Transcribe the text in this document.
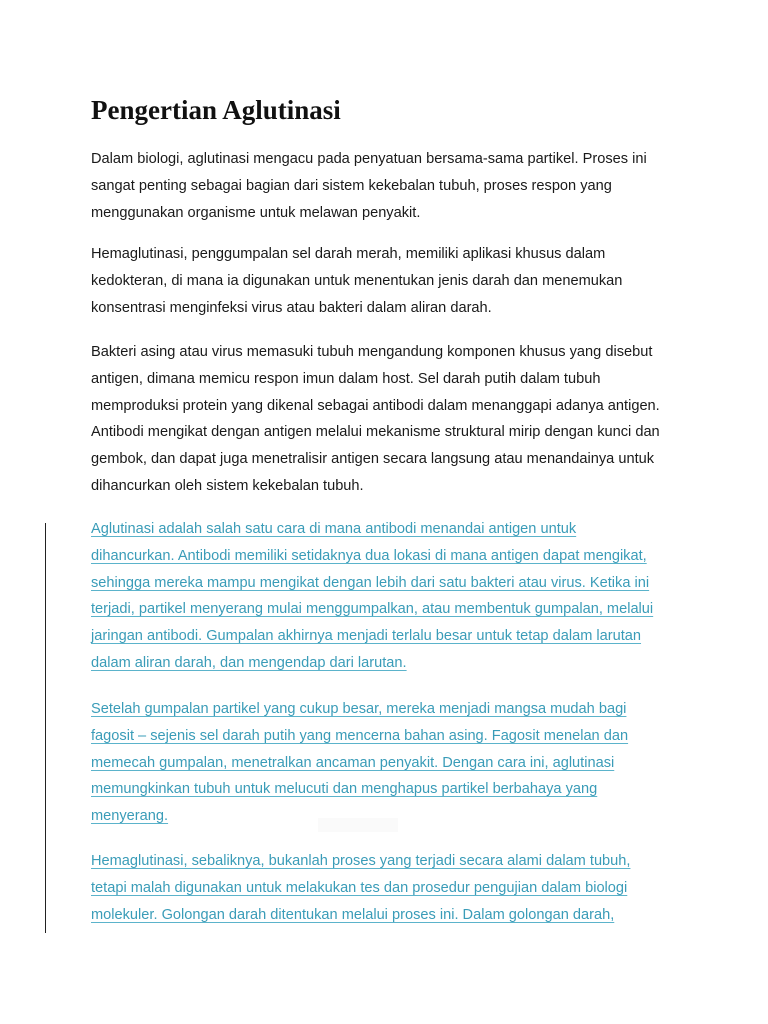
Pengertian Aglutinasi

Dalam biologi, aglutinasi mengacu pada penyatuan bersama-sama partikel. Proses ini
sangat penting sebagai bagian dari sistem kekebalan tubuh, proses respon yang
menggunakan organisme untuk melawan penyakit.

Hemaglutinasi, penggumpalan sel darah merah, memiliki aplikasi khusus dalam
kedokteran, di mana ia digunakan untuk menentukan jenis darah dan menemukan
konsentrasi menginfeksi virus atau bakteri dalam aliran darah.

Bakteri asing atau virus memasuki tubuh mengandung komponen khusus yang disebut
antigen, dimana memicu respon imun dalam host. Sel darah putih dalam tubuh
memproduksi protein yang dikenal sebagai antibodi dalam menanggapi adanya antigen.
Antibodi mengikat dengan antigen melalui mekanisme struktural mirip dengan kunci dan
gembok, dan dapat juga menetralisir antigen secara langsung atau menandainya untuk
dihancurkan oleh sistem kekebalan tubuh.

Aglutinasi adalah salah satu cara di mana antibodi menandai antigen untuk
dihancurkan. Antibodi memiliki setidaknya dua lokasi di mana antigen dapat mengikat,
sehingga mereka mampu mengikat dengan lebih dari satu bakteri atau virus. Ketika ini
terjadi, partikel menyerang mulai menggumpalkan, atau membentuk gumpalan, melalui
jaringan antibodi. Gumpalan akhirnya menjadi terlalu besar untuk tetap dalam larutan
dalam aliran darah, dan mengendap dari larutan.

Setelah gumpalan partikel yang cukup besar, mereka menjadi mangsa mudah bagi
fagosit – sejenis sel darah putih yang mencerna bahan asing. Fagosit menelan dan
memecah gumpalan, menetralkan ancaman penyakit. Dengan cara ini, aglutinasi
memungkinkan tubuh untuk melucuti dan menghapus partikel berbahaya yang
menyerang.

Hemaglutinasi, sebaliknya, bukanlah proses yang terjadi secara alami dalam tubuh,
tetapi malah digunakan untuk melakukan tes dan prosedur pengujian dalam biologi
molekuler. Golongan darah ditentukan melalui proses ini. Dalam golongan darah,
